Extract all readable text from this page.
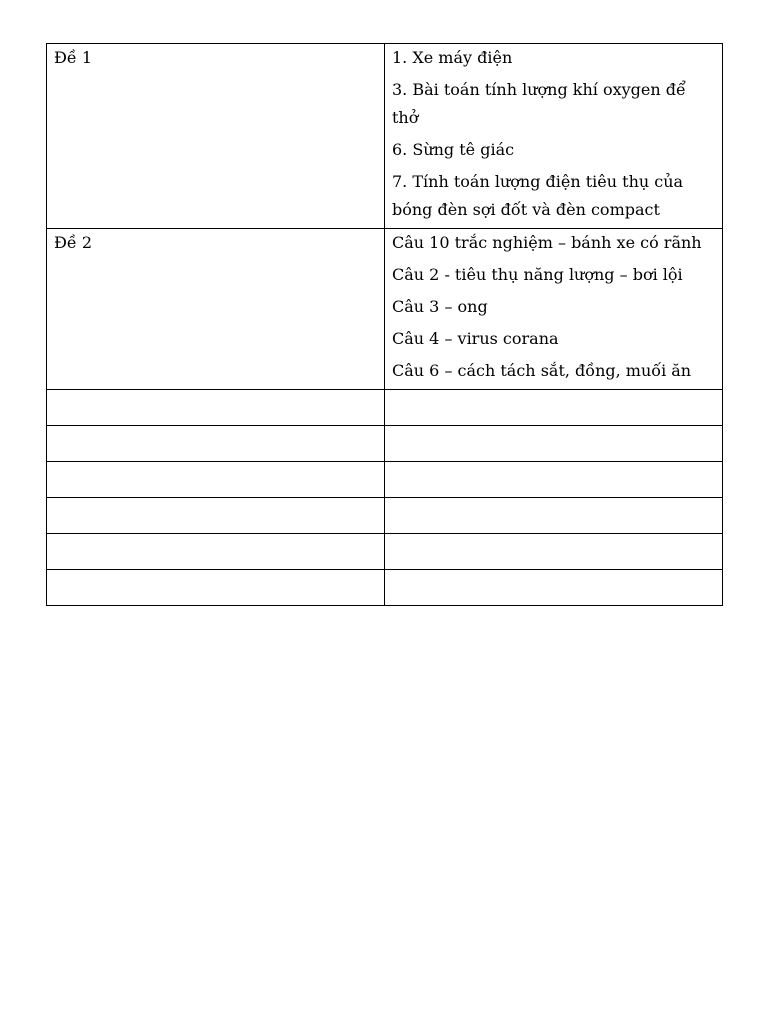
Đề 1	1. Xe máy điện
3. Bài toán tính lượng khí oxygen để thở
6. Sừng tê giác
7. Tính toán lượng điện tiêu thụ của bóng đèn sợi đốt và đèn compact

Đề 2	Câu 10 trắc nghiệm – bánh xe có rãnh
Câu 2 - tiêu thụ năng lượng – bơi lội
Câu 3 – ong
Câu 4 – virus corana
Câu 6 – cách tách sắt, đồng, muối ăn
